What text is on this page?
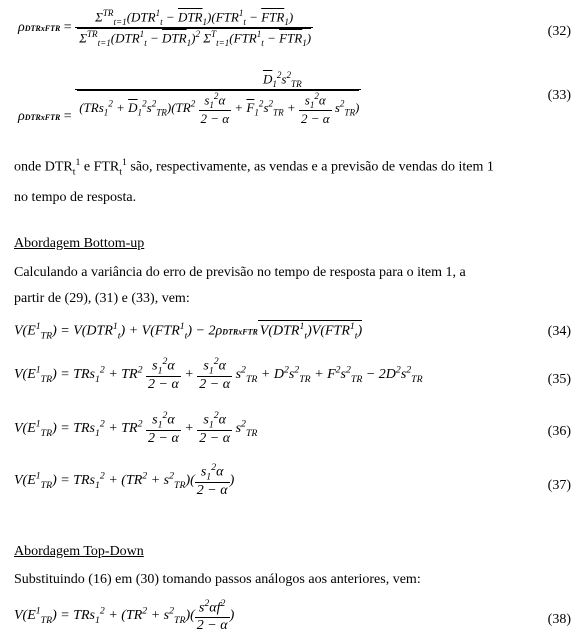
ρDTRxFTR = $\frac{\Sigma^{TR}_{t=1}(DTR^1_t - \overline{DTR}_1)(FTR^1_t - \overline{FTR}_1)}{\Sigma^{TR}_{t=1}(DTR^1_t - \overline{DTR}_1)^2 \Sigma^T_{t=1}(FTR^1_t - \overline{FTR}_1)}$	(32)
$\rho_{DTRxFTR}$ =
$\overline{D}_1^2s^2_{TR}$
$(TRs_1^2 + \overline{D}_1^2s^2_{TR})(TR^2 \frac{s_1^2\alpha}{2 - \alpha} + \overline{F}_1^2s^2_{TR} + \frac{s_1^2\alpha}{2 - \alpha} s^2_{TR})$
(33)
onde $DTR_t^1$ e $FTR_t^1$ são, respectivamente, as vendas e a previsão de vendas do item 1
no tempo de resposta.
Abordagem Bottom-up
Calculando a variância do erro de previsão no tempo de resposta para o item 1, a
partir de (29), (31) e (33), vem:
$V(E^1_{TR}) = V(DTR^1_t) + V(FTR^1_t)$ − 2ρDTRxFTR $V(DTR^1_t)V(FTR^1_t)$	(34)
$V(E^1_{TR}) = TRs_1^2 + TR^2 \frac{s_1^2\alpha}{2 - \alpha} + \frac{s_1^2\alpha}{2 - \alpha} s^2_{TR} + D^2s^2_{TR} + F^2s^2_{TR} - 2D^2s^2_{TR}$	(35)
$V(E^1_{TR}) = TRs_1^2 + TR^2 \frac{s_1^2\alpha}{2 - \alpha} + \frac{s_1^2\alpha}{2 - \alpha} s^2_{TR}$	(36)
$V(E^1_{TR}) = TRs_1^2 + (TR^2 + s^2_{TR})( \frac{s_1^2\alpha}{2 - \alpha}$ )	(37)
Abordagem Top-Down
Substituindo (16) em (30) tomando passos análogos aos anteriores, vem:
$V(E^1_{TR}) = TRs_1^2 + (TR^2 + s^2_{TR})( \frac{s^2\alpha f^2}{2 - \alpha}$ )	(38)
